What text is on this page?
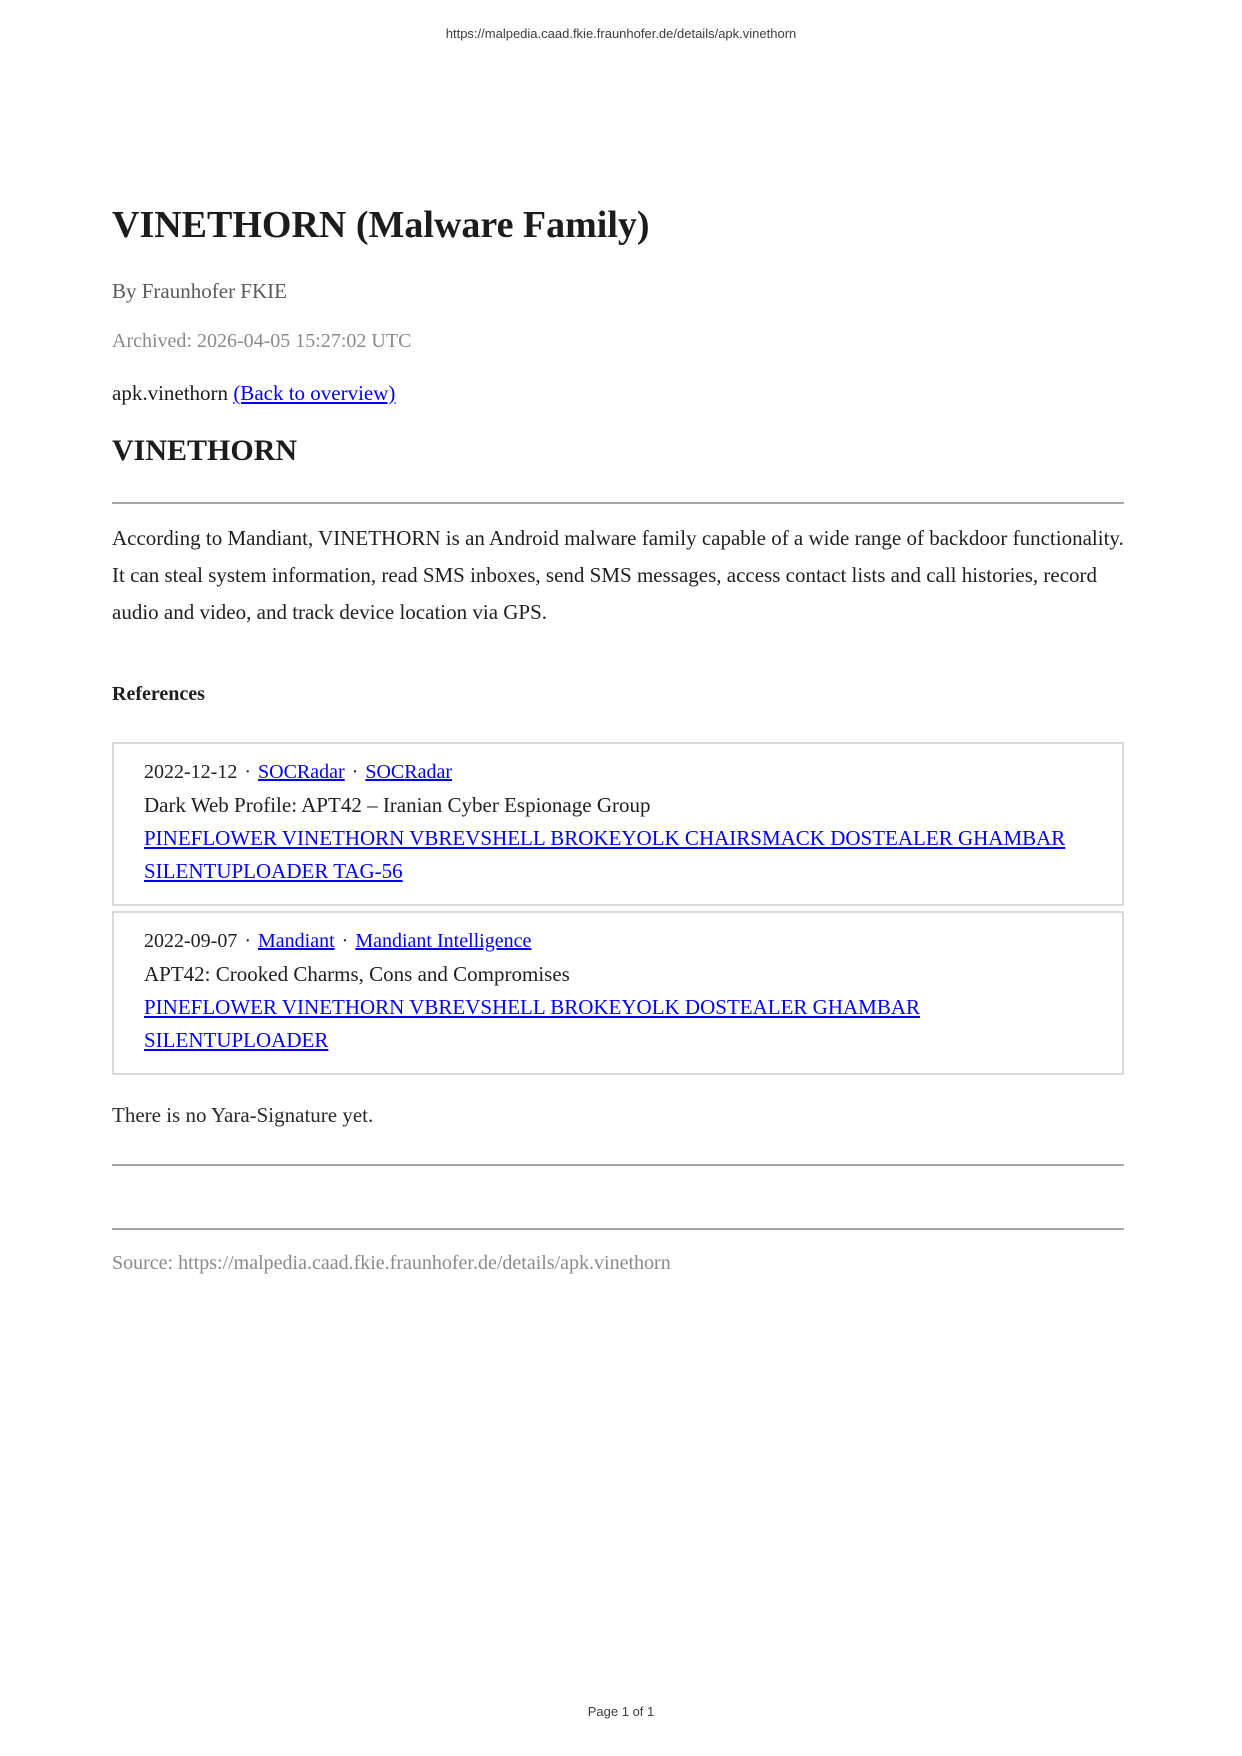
https://malpedia.caad.fkie.fraunhofer.de/details/apk.vinethorn
VINETHORN (Malware Family)
By Fraunhofer FKIE
Archived: 2026-04-05 15:27:02 UTC
apk.vinethorn (Back to overview)
VINETHORN

According to Mandiant, VINETHORN is an Android malware family capable of a wide range of backdoor functionality. It can steal system information, read SMS inboxes, send SMS messages, access contact lists and call histories, record audio and video, and track device location via GPS.

References
2022-12-12 · SOCRadar · SOCRadar
Dark Web Profile: APT42 – Iranian Cyber Espionage Group
PINEFLOWER VINETHORN VBREVSHELL BROKEYOLK CHAIRSMACK DOSTEALER GHAMBAR SILENTUPLOADER TAG-56
2022-09-07 · Mandiant · Mandiant Intelligence
APT42: Crooked Charms, Cons and Compromises
PINEFLOWER VINETHORN VBREVSHELL BROKEYOLK DOSTEALER GHAMBAR SILENTUPLOADER
There is no Yara-Signature yet.
Source: https://malpedia.caad.fkie.fraunhofer.de/details/apk.vinethorn
Page 1 of 1
